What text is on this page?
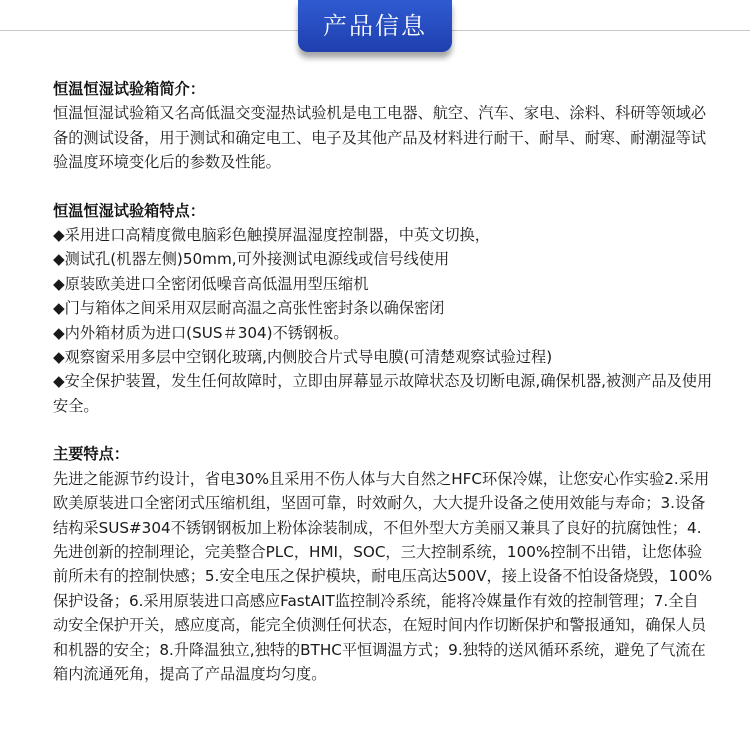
产品信息
恒温恒湿试验箱简介：

恒温恒湿试验箱又名高低温交变湿热试验机是电工电器、航空、汽车、家电、涂料、科研等领域必备的测试设备，用于测试和确定电工、电子及其他产品及材料进行耐干、耐旱、耐寒、耐潮湿等试验温度环境变化后的参数及性能。

恒温恒湿试验箱特点：
◆采用进口高精度微电脑彩色触摸屏温湿度控制器，中英文切换，
◆测试孔(机器左侧)50mm,可外接测试电源线或信号线使用
◆原装欧美进口全密闭低噪音高低温用型压缩机
◆门与箱体之间采用双层耐高温之高张性密封条以确保密闭
◆内外箱材质为进口(SUS＃304)不锈钢板。
◆观察窗采用多层中空钢化玻璃,内侧胶合片式导电膜(可清楚观察试验过程)
◆安全保护装置，发生任何故障时，立即由屏幕显示故障状态及切断电源,确保机器,被测产品及使用安全。
主要特点：

先进之能源节约设计，省电30%且采用不伤人体与大自然之HFC环保冷媒，让您安心作实验2.采用欧美原装进口全密闭式压缩机组，坚固可靠，时效耐久，大大提升设备之使用效能与寿命；3.设备结构采SUS#304不锈钢钢板加上粉体涂装制成，不但外型大方美丽又兼具了良好的抗腐蚀性；4.先进创新的控制理论，完美整合PLC，HMI，SOC，三大控制系统，100%控制不出错，让您体验前所未有的控制快感；5.安全电压之保护模块，耐电压高达500V，接上设备不怕设备烧毁，100%保护设备；6.采用原装进口高感应FastAIT监控制冷系统，能将冷媒量作有效的控制管理；7.全自动安全保护开关，感应度高，能完全侦测任何状态，在短时间内作切断保护和警报通知，确保人员和机器的安全；8.升降温独立,独特的BTHC平恒调温方式；9.独特的送风循环系统，避免了气流在箱内流通死角，提高了产品温度均匀度。
